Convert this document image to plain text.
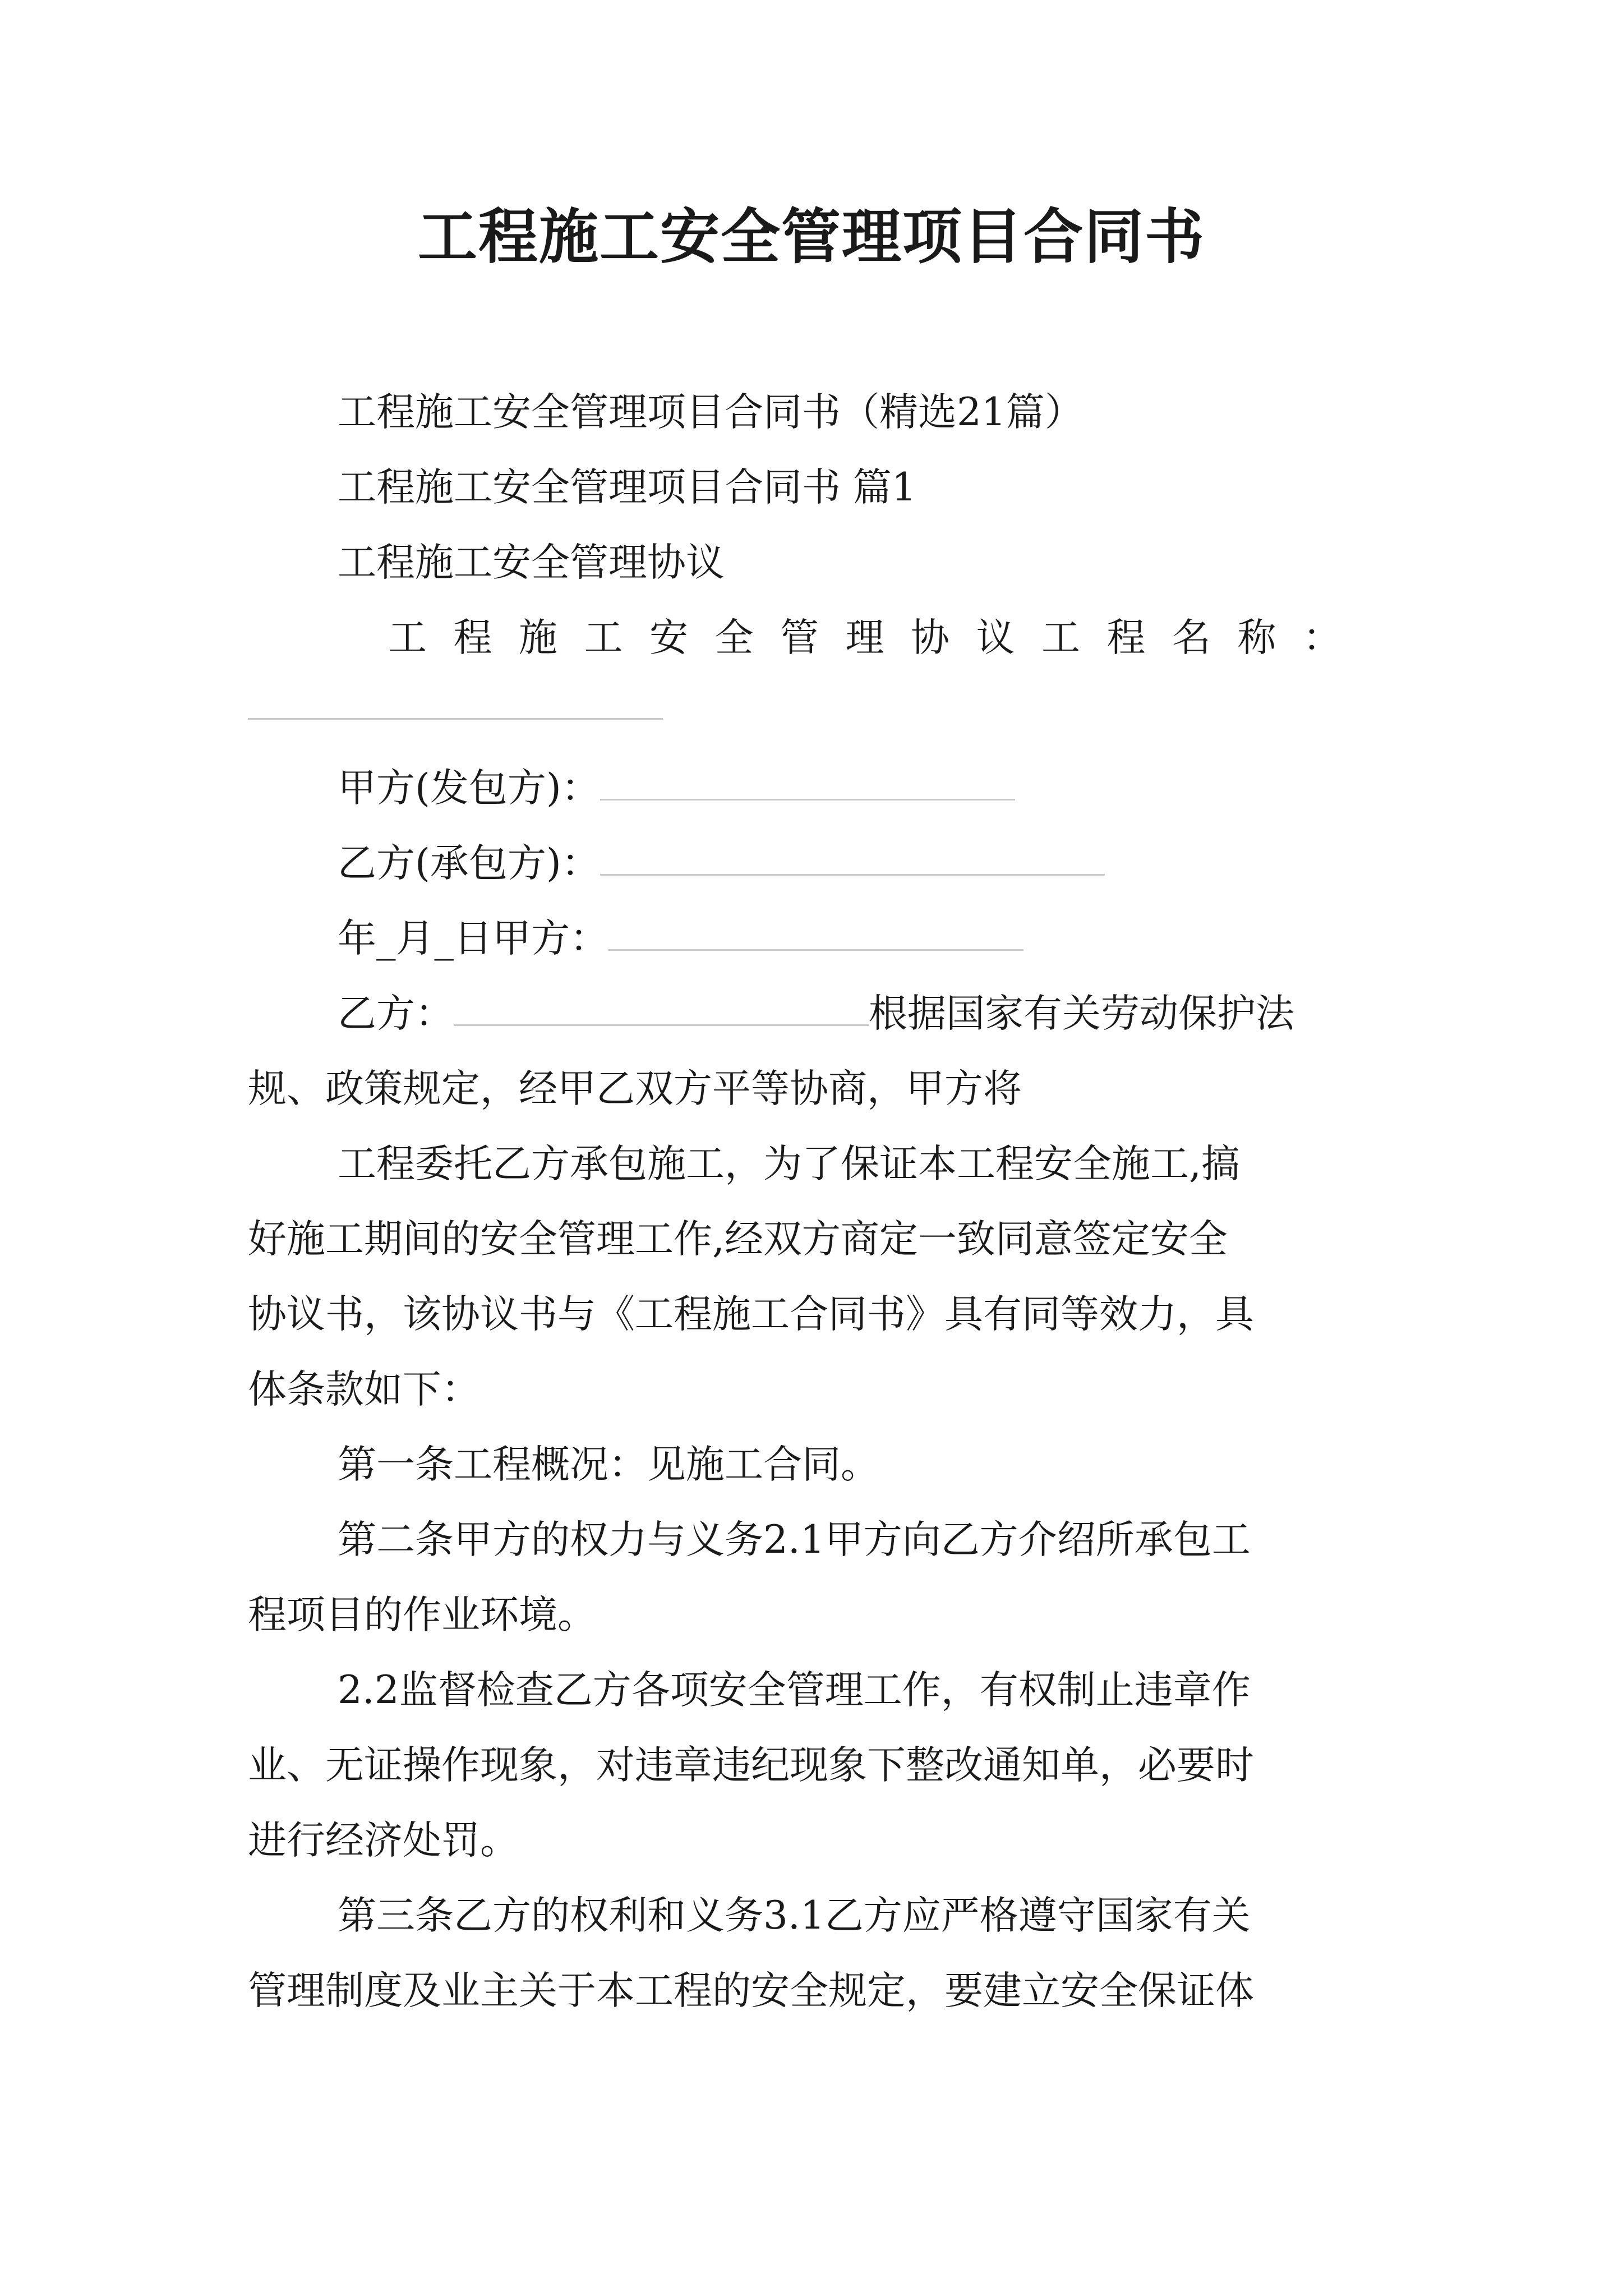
工程施工安全管理项目合同书
工程施工安全管理项目合同书（精选21篇）
工程施工安全管理项目合同书 篇1
工程施工安全管理协议
工 程 施 工 安 全 管 理 协 议 工 程 名 称 ：
甲方(发包方)：
乙方(承包方)：
年_月_日甲方：
乙方：	根据国家有关劳动保护法
规、政策规定，经甲乙双方平等协商，甲方将
工程委托乙方承包施工，为了保证本工程安全施工,搞
好施工期间的安全管理工作,经双方商定一致同意签定安全
协议书，该协议书与《工程施工合同书》具有同等效力，具
体条款如下：
第一条工程概况：见施工合同。
第二条甲方的权力与义务2.1甲方向乙方介绍所承包工
程项目的作业环境。
2.2监督检查乙方各项安全管理工作，有权制止违章作
业、无证操作现象，对违章违纪现象下整改通知单，必要时
进行经济处罚。
第三条乙方的权利和义务3.1乙方应严格遵守国家有关
管理制度及业主关于本工程的安全规定，要建立安全保证体
